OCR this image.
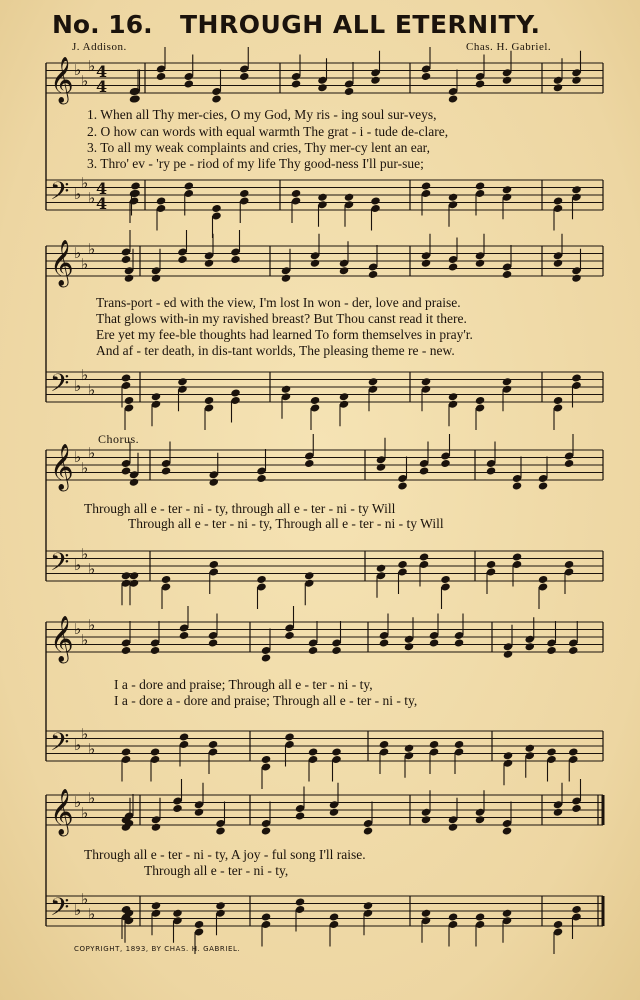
No. 16. THROUGH ALL ETERNITY.
J. Addison.	Chas. H. Gabriel.
𝄞 ♭
♭
♭
𝄢 ♭
♭
♭
4
4
4
4
𝄞 ♭
♭
♭
𝄢 ♭
♭
♭
𝄞 ♭
♭
♭
𝄢 ♭
♭
♭
𝄞 ♭
♭
♭
𝄢 ♭
♭
♭
𝄞 ♭
♭
♭
𝄢 ♭
♭
♭
1. When all Thy mer-cies, O my God, My ris - ing soul sur-veys,
2. O how can words with equal warmth The grat - i - tude de-clare,
3. To all my weak complaints and cries, Thy mer-cy lent an ear,
3. Thro' ev - 'ry pe - riod of my life Thy good-ness I'll pur-sue;
Trans-port - ed with the view, I'm lost In won - der, love and praise.
That glows with-in my ravished breast? But Thou canst read it there.
Ere yet my fee-ble thoughts had learned To form themselves in pray'r.
And af - ter death, in dis-tant worlds, The pleasing theme re - new.
Chorus.
Through all e - ter - ni - ty, through all e - ter - ni - ty Will
Through all e - ter - ni - ty, Through all e - ter - ni - ty Will
I a - dore and praise; Through all e - ter - ni - ty,
I a - dore a - dore and praise; Through all e - ter - ni - ty,
Through all e - ter - ni - ty, A joy - ful song I'll raise.
Through all e - ter - ni - ty,
COPYRIGHT, 1893, BY CHAS. H. GABRIEL.
